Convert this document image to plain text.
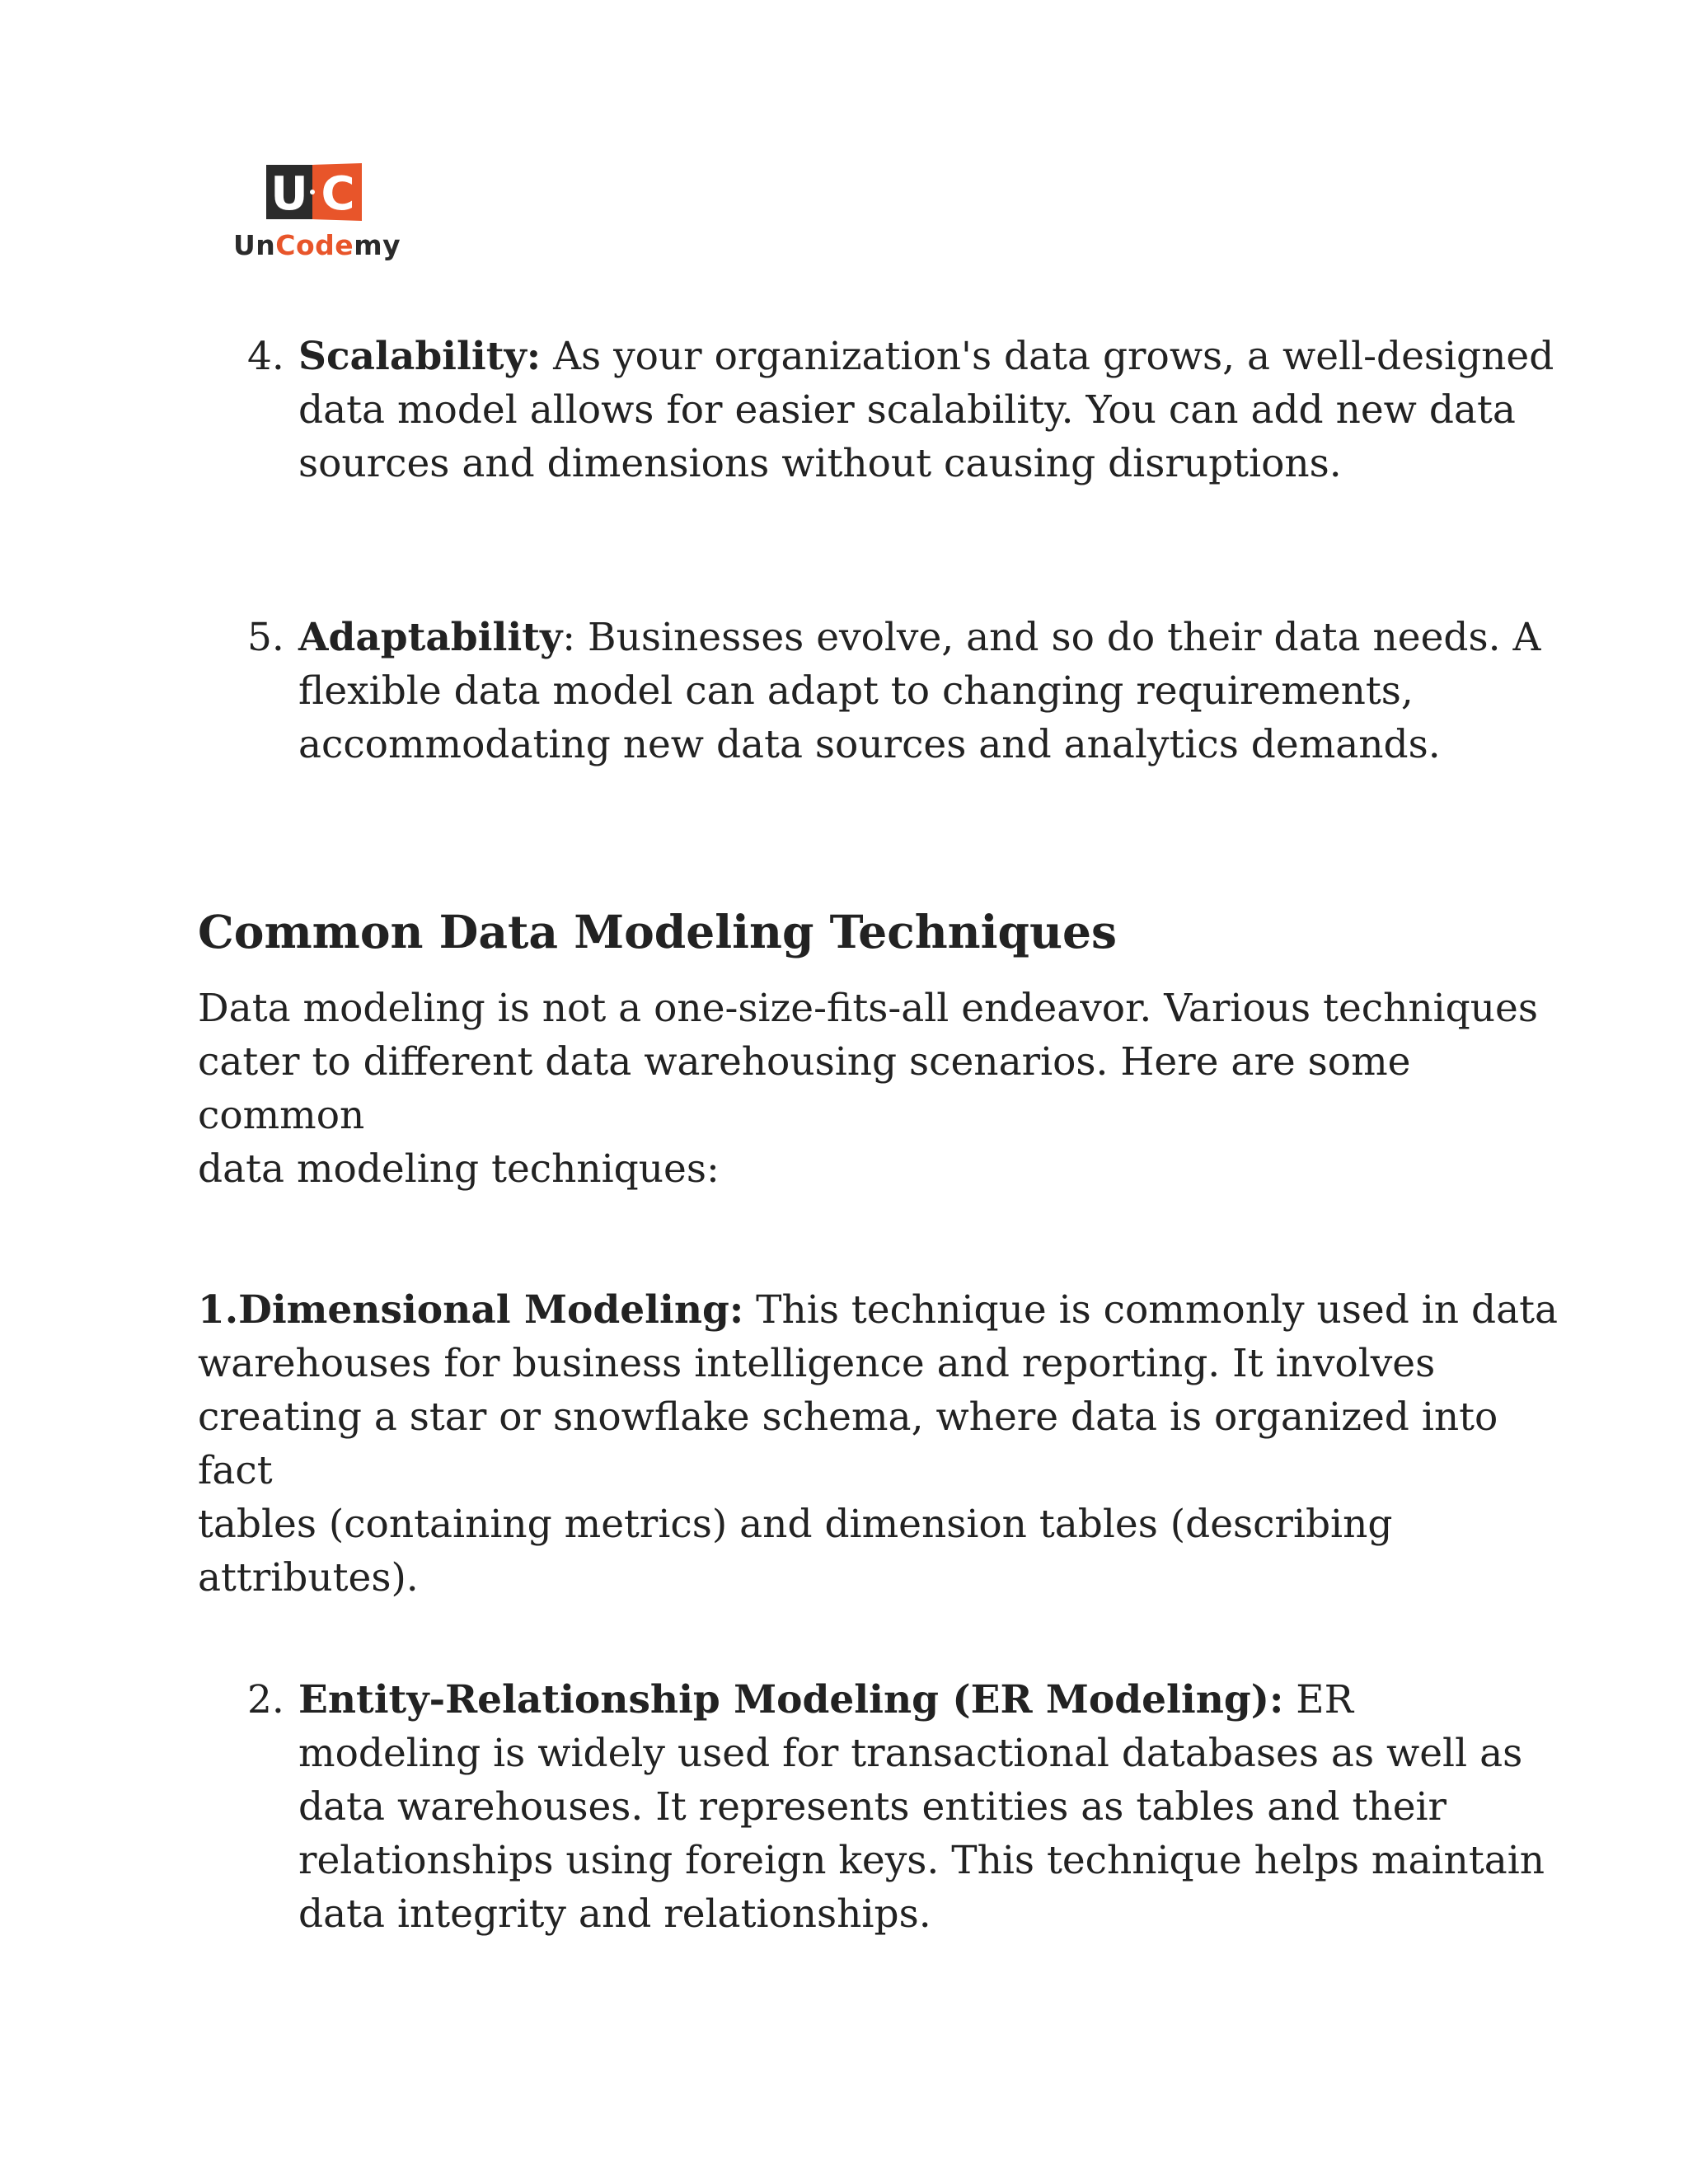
U C
UnCodemy
4. Scalability: As your organization's data grows, a well-designed
data model allows for easier scalability. You can add new data
sources and dimensions without causing disruptions.
5. Adaptability: Businesses evolve, and so do their data needs. A
flexible data model can adapt to changing requirements,
accommodating new data sources and analytics demands.
Common Data Modeling Techniques
Data modeling is not a one-size-fits-all endeavor. Various techniques
cater to different data warehousing scenarios. Here are some common
data modeling techniques:
1.Dimensional Modeling: This technique is commonly used in data
warehouses for business intelligence and reporting. It involves
creating a star or snowflake schema, where data is organized into fact
tables (containing metrics) and dimension tables (describing
attributes).
2. Entity-Relationship Modeling (ER Modeling): ER
modeling is widely used for transactional databases as well as
data warehouses. It represents entities as tables and their
relationships using foreign keys. This technique helps maintain
data integrity and relationships.
